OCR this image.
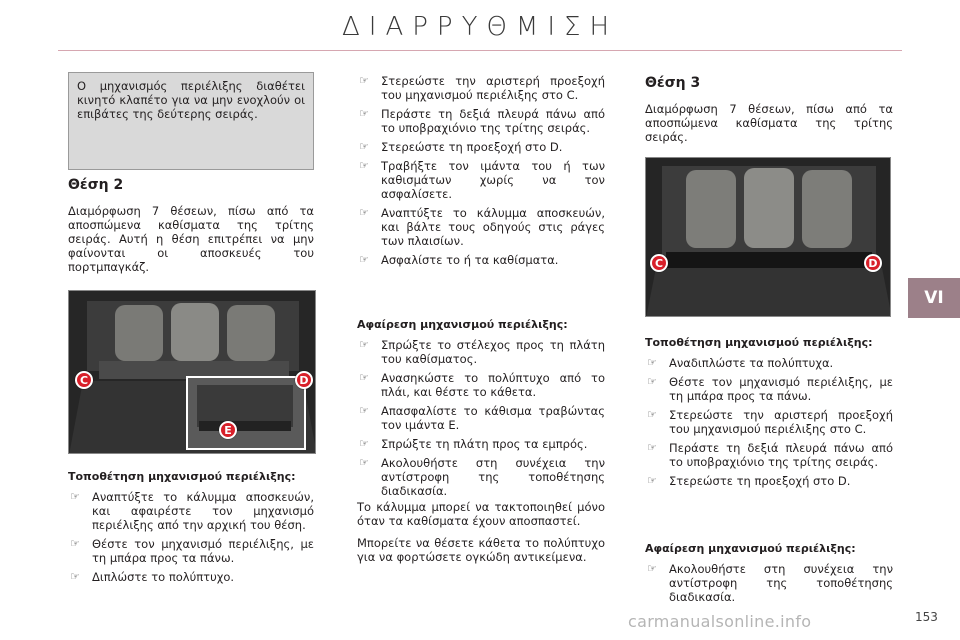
ΔΙΑΡΡΥΘΜΙΣΗ
VI

Ο μηχανισμός περιέλιξης διαθέτει κινητό κλαπέτο για να μην ενοχλούν οι επιβάτες της δεύτερης σειράς.

Θέση 2

Διαμόρφωση 7 θέσεων, πίσω από τα αποσπώμενα καθίσματα της τρίτης σειράς. Αυτή η θέση επιτρέπει να μην φαίνονται οι αποσκευές του πορτμπαγκάζ.

C	D
E
Τοποθέτηση μηχανισμού περιέλιξης:
☞ Αναπτύξτε το κάλυμμα αποσκευών, και αφαιρέστε τον μηχανισμό περιέλιξης από την αρχική του θέση.
☞ Θέστε τον μηχανισμό περιέλιξης, με τη μπάρα προς τα πάνω.
☞ Διπλώστε το πολύπτυχο.
☞ Στερεώστε την αριστερή προεξοχή του μηχανισμού περιέλιξης στο C.
☞ Περάστε τη δεξιά πλευρά πάνω από το υποβραχιόνιο της τρίτης σειράς.
☞ Στερεώστε τη προεξοχή στο D.
☞ Τραβήξτε τον ιμάντα του ή των καθισμάτων χωρίς να τον ασφαλίσετε.
☞ Αναπτύξτε το κάλυμμα αποσκευών, και βάλτε τους οδηγούς στις ράγες των πλαισίων.
☞ Ασφαλίστε το ή τα καθίσματα.
Αφαίρεση μηχανισμού περιέλιξης:
☞ Σπρώξτε το στέλεχος προς τη πλάτη του καθίσματος.
☞ Ανασηκώστε το πολύπτυχο από το πλάι, και θέστε το κάθετα.
☞ Απασφαλίστε το κάθισμα τραβώντας τον ιμάντα E.
☞ Σπρώξτε τη πλάτη προς τα εμπρός.
☞ Ακολουθήστε στη συνέχεια την αντίστροφη της τοποθέτησης διαδικασία.

Το κάλυμμα μπορεί να τακτοποιηθεί μόνο όταν τα καθίσματα έχουν αποσπαστεί.

Μπορείτε να θέσετε κάθετα το πολύπτυχο για να φορτώσετε ογκώδη αντικείμενα.

Θέση 3

Διαμόρφωση 7 θέσεων, πίσω από τα αποσπώμενα καθίσματα της τρίτης σειράς.

C	D
Τοποθέτηση μηχανισμού περιέλιξης:
☞ Αναδιπλώστε τα πολύπτυχα.
☞ Θέστε τον μηχανισμό περιέλιξης, με τη μπάρα προς τα πάνω.
☞ Στερεώστε την αριστερή προεξοχή του μηχανισμού περιέλιξης στο C.
☞ Περάστε τη δεξιά πλευρά πάνω από το υποβραχιόνιο της τρίτης σειράς.
☞ Στερεώστε τη προεξοχή στο D.
Αφαίρεση μηχανισμού περιέλιξης:
☞ Ακολουθήστε στη συνέχεια την αντίστροφη της τοποθέτησης διαδικασία.
carmanualsonline.info	153
